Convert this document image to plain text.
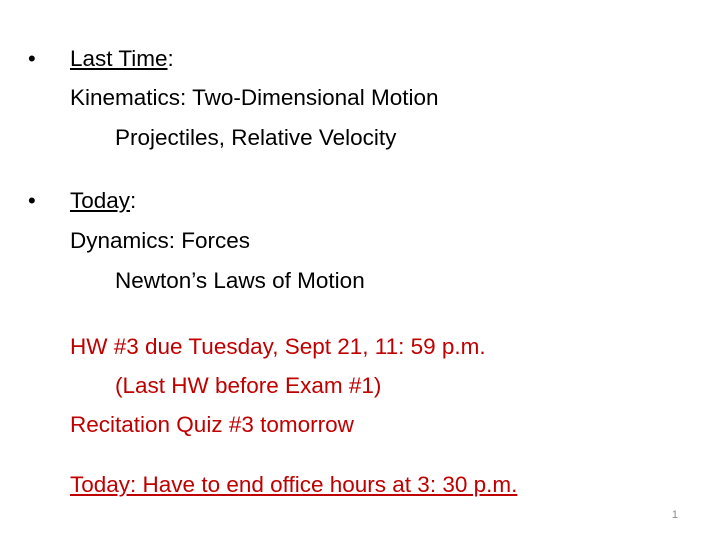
• Last Time:
Kinematics: Two-Dimensional Motion
Projectiles, Relative Velocity
• Today:
Dynamics: Forces
Newton’s Laws of Motion
HW #3 due Tuesday, Sept 21, 11: 59 p.m.
(Last HW before Exam #1)
Recitation Quiz #3 tomorrow
Today: Have to end office hours at 3: 30 p.m.
1
